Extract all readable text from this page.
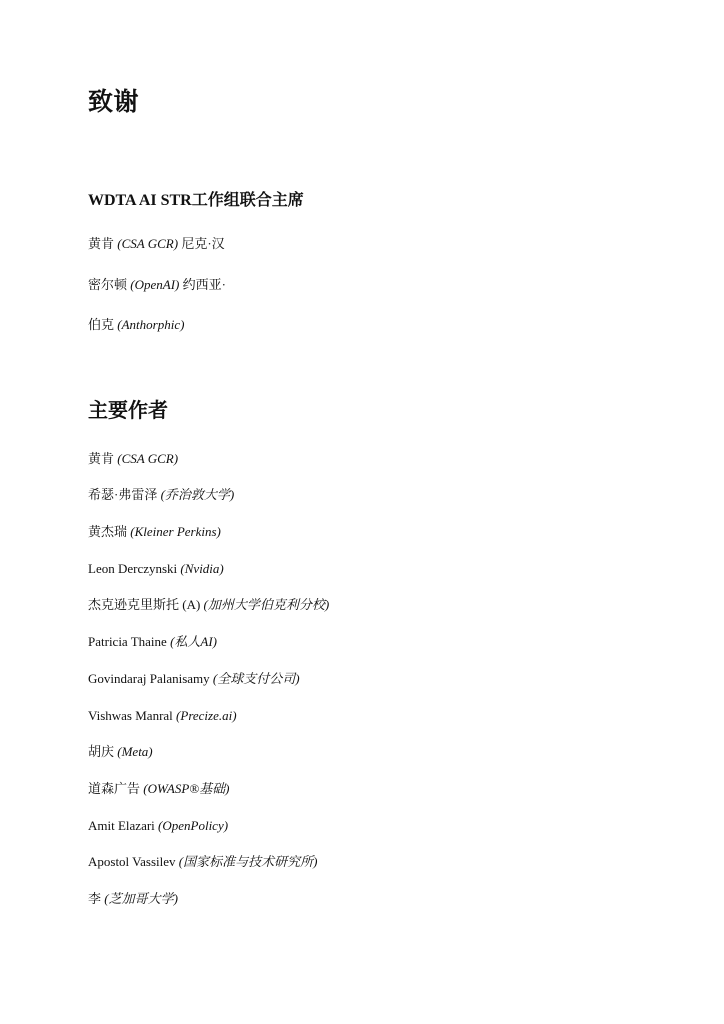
致谢
WDTA AI STR工作组联合主席

黄肯 (CSA GCR) 尼克·汉

密尔顿 (OpenAI) 约西亚·

伯克 (Anthorphic)

主要作者

黄肯 (CSA GCR)

希瑟·弗雷泽 (乔治敦大学)

黄杰瑞 (Kleiner Perkins)

Leon Derczynski (Nvidia)

杰克逊克里斯托 (A) (加州大学伯克利分校)

Patricia Thaine (私人AI)

Govindaraj Palanisamy (全球支付公司)

Vishwas Manral (Precize.ai)

胡庆 (Meta)

道森广告 (OWASP®基础)

Amit Elazari (OpenPolicy)

Apostol Vassilev (国家标准与技术研究所)

李 (芝加哥大学)
